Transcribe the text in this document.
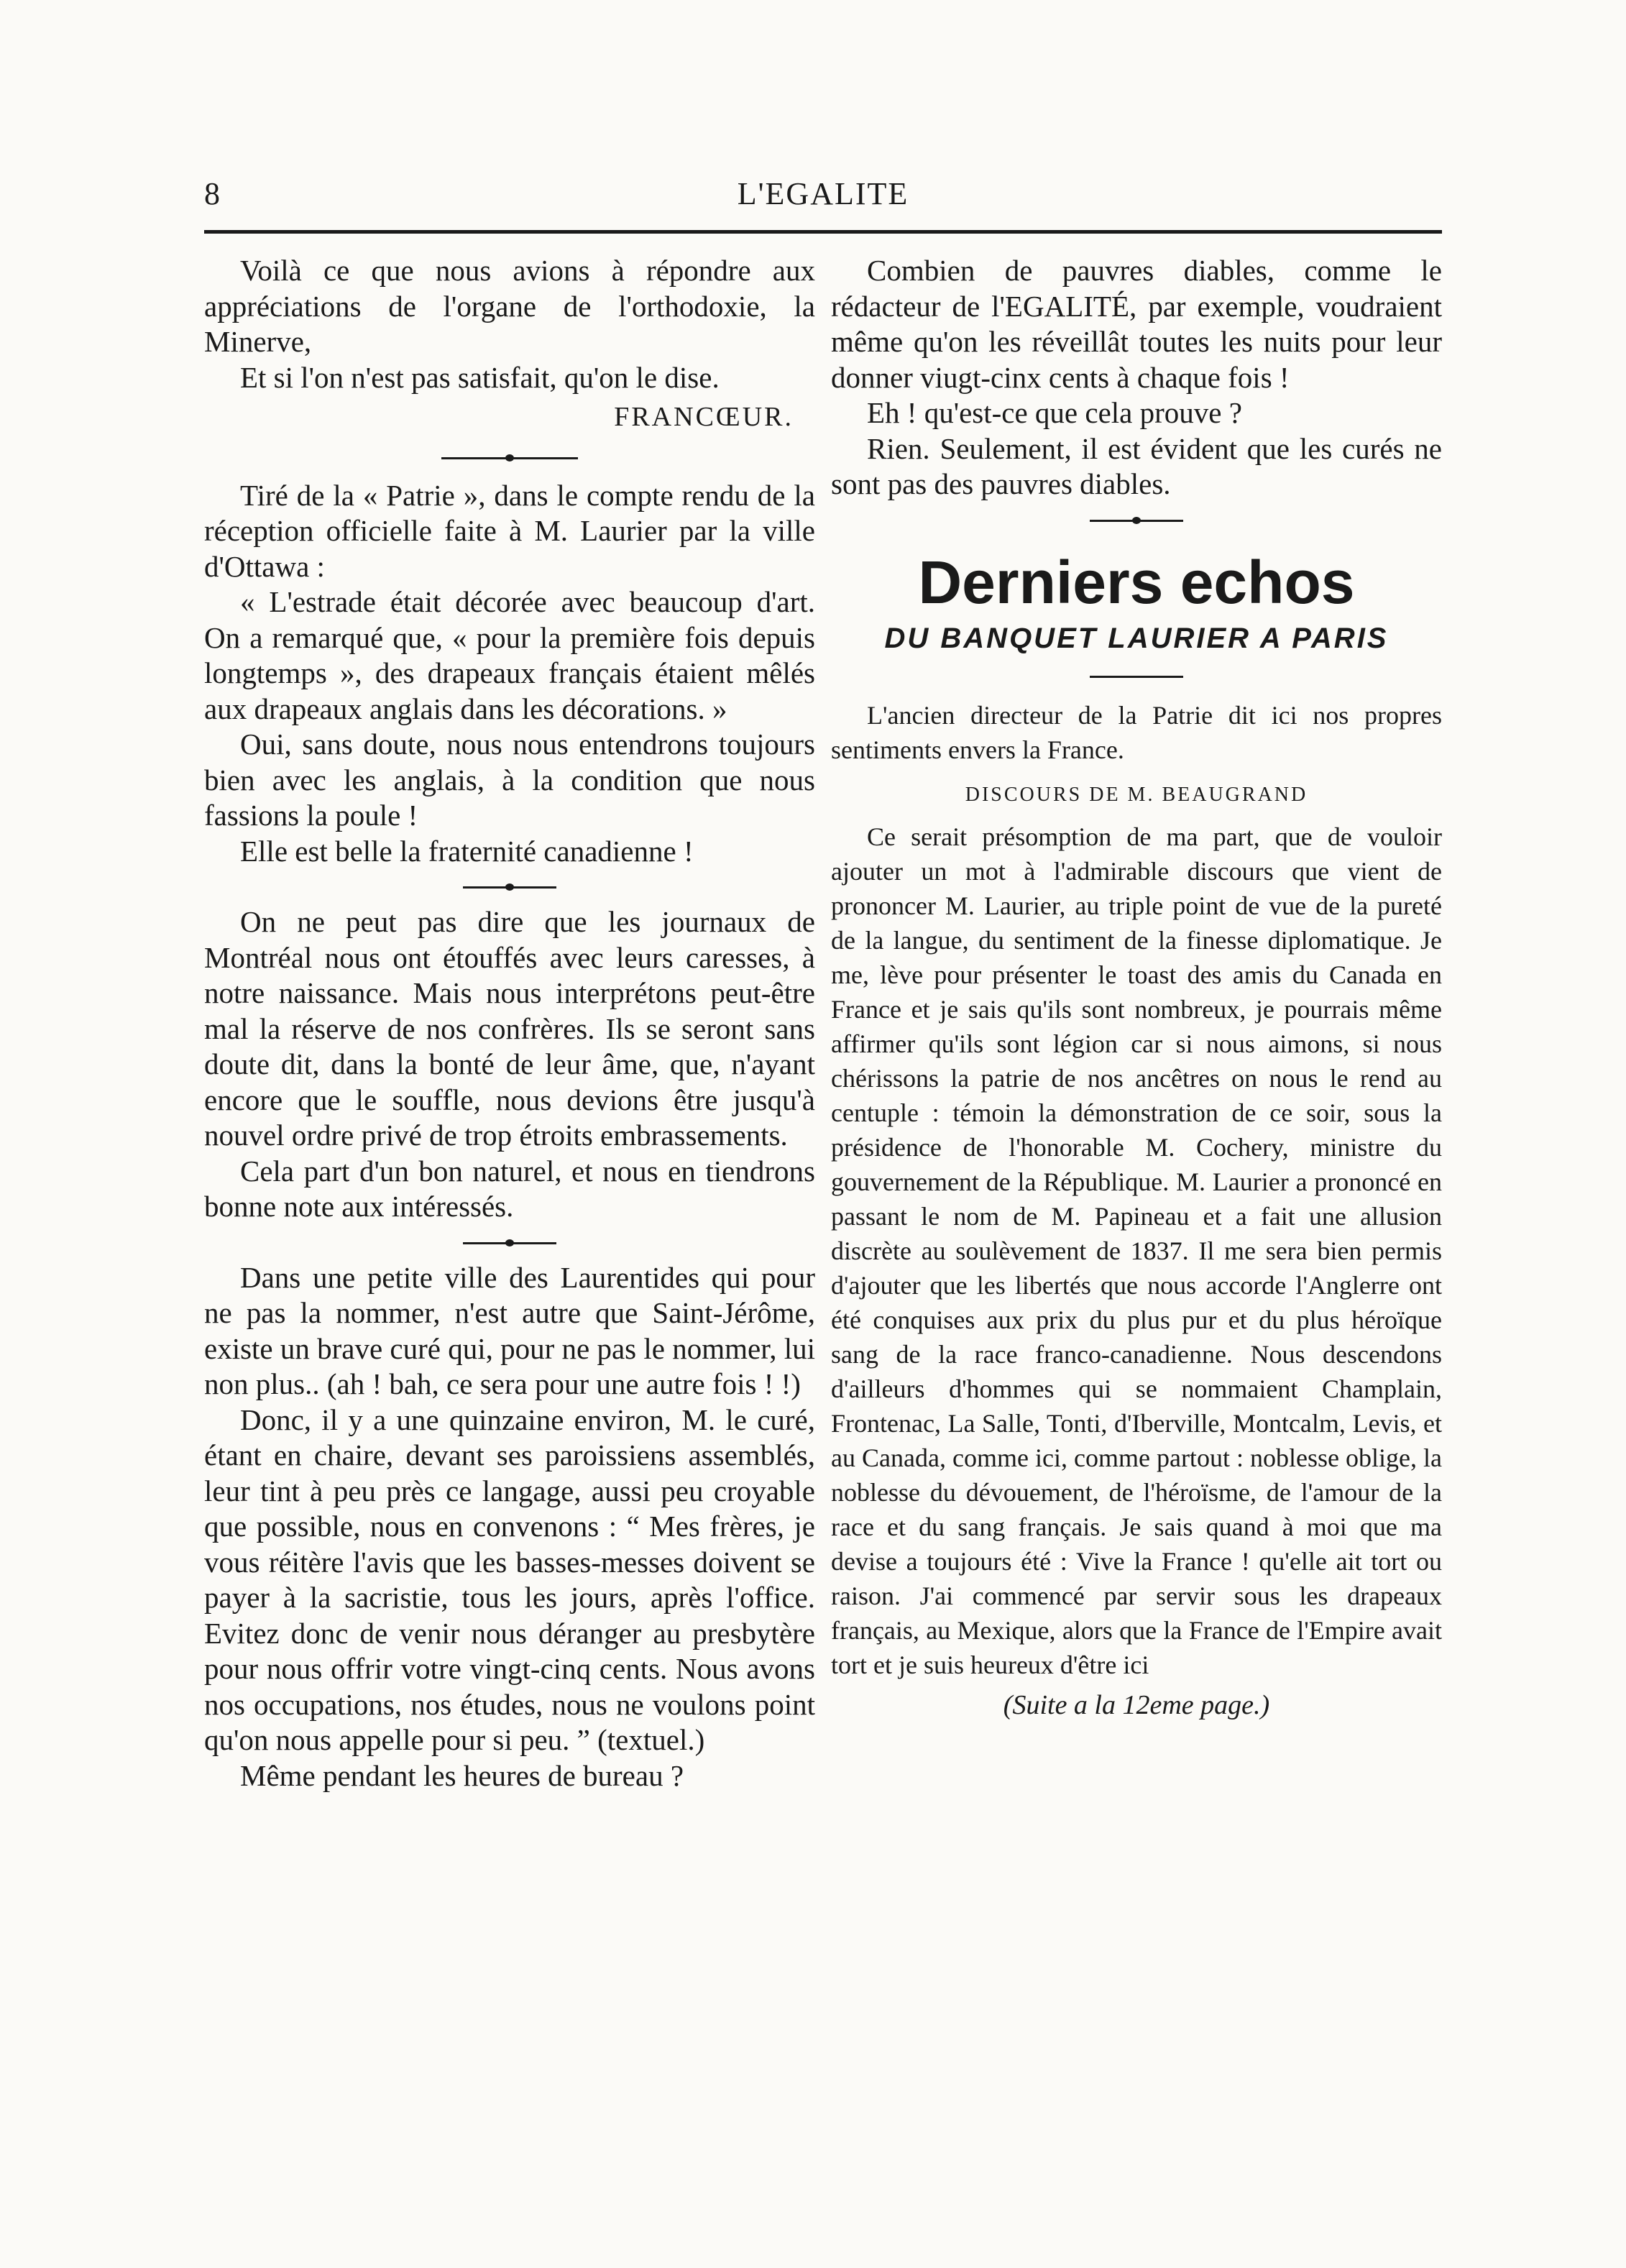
8	L'EGALITE

Voilà ce que nous avions à répondre aux appréciations de l'organe de l'orthodoxie, la Minerve,

Et si l'on n'est pas satisfait, qu'on le dise.

FRANCŒUR.

Tiré de la « Patrie », dans le compte rendu de la réception officielle faite à M. Laurier par la ville d'Ottawa :

« L'estrade était décorée avec beaucoup d'art. On a remarqué que, « pour la première fois depuis longtemps », des drapeaux français étaient mêlés aux drapeaux anglais dans les décorations. »

Oui, sans doute, nous nous entendrons toujours bien avec les anglais, à la condition que nous fassions la poule !

Elle est belle la fraternité canadienne !

On ne peut pas dire que les journaux de Montréal nous ont étouffés avec leurs caresses, à notre naissance. Mais nous interprétons peut-être mal la réserve de nos confrères. Ils se seront sans doute dit, dans la bonté de leur âme, que, n'ayant encore que le souffle, nous devions être jusqu'à nouvel ordre privé de trop étroits embrassements.

Cela part d'un bon naturel, et nous en tiendrons bonne note aux intéressés.

Dans une petite ville des Laurentides qui pour ne pas la nommer, n'est autre que Saint-Jérôme, existe un brave curé qui, pour ne pas le nommer, lui non plus.. (ah ! bah, ce sera pour une autre fois ! !)

Donc, il y a une quinzaine environ, M. le curé, étant en chaire, devant ses paroissiens assemblés, leur tint à peu près ce langage, aussi peu croyable que possible, nous en convenons : “ Mes frères, je vous réitère l'avis que les basses-messes doivent se payer à la sacristie, tous les jours, après l'office. Evitez donc de venir nous déranger au presbytère pour nous offrir votre vingt-cinq cents. Nous avons nos occupations, nos études, nous ne voulons point qu'on nous appelle pour si peu. ” (textuel.)

Même pendant les heures de bureau ?

Combien de pauvres diables, comme le rédacteur de l'EGALITÉ, par exemple, voudraient même qu'on les réveillât toutes les nuits pour leur donner viugt-cinx cents à chaque fois !

Eh ! qu'est-ce que cela prouve ?

Rien. Seulement, il est évident que les curés ne sont pas des pauvres diables.

Derniers echos
DU BANQUET LAURIER A PARIS

L'ancien directeur de la Patrie dit ici nos propres sentiments envers la France.

DISCOURS DE M. BEAUGRAND

Ce serait présomption de ma part, que de vouloir ajouter un mot à l'admirable discours que vient de prononcer M. Laurier, au triple point de vue de la pureté de la langue, du sentiment de la finesse diplomatique. Je me, lève pour présenter le toast des amis du Canada en France et je sais qu'ils sont nombreux, je pourrais même affirmer qu'ils sont légion car si nous aimons, si nous chérissons la patrie de nos ancêtres on nous le rend au centuple : témoin la démonstration de ce soir, sous la présidence de l'honorable M. Cochery, ministre du gouvernement de la République. M. Laurier a prononcé en passant le nom de M. Papineau et a fait une allusion discrète au soulèvement de 1837. Il me sera bien permis d'ajouter que les libertés que nous accorde l'Anglerre ont été conquises aux prix du plus pur et du plus héroïque sang de la race franco-canadienne. Nous descendons d'ailleurs d'hommes qui se nommaient Champlain, Frontenac, La Salle, Tonti, d'Iberville, Montcalm, Levis, et au Canada, comme ici, comme partout : noblesse oblige, la noblesse du dévouement, de l'héroïsme, de l'amour de la race et du sang français. Je sais quand à moi que ma devise a toujours été : Vive la France ! qu'elle ait tort ou raison. J'ai commencé par servir sous les drapeaux français, au Mexique, alors que la France de l'Empire avait tort et je suis heureux d'être ici

(Suite a la 12eme page.)
